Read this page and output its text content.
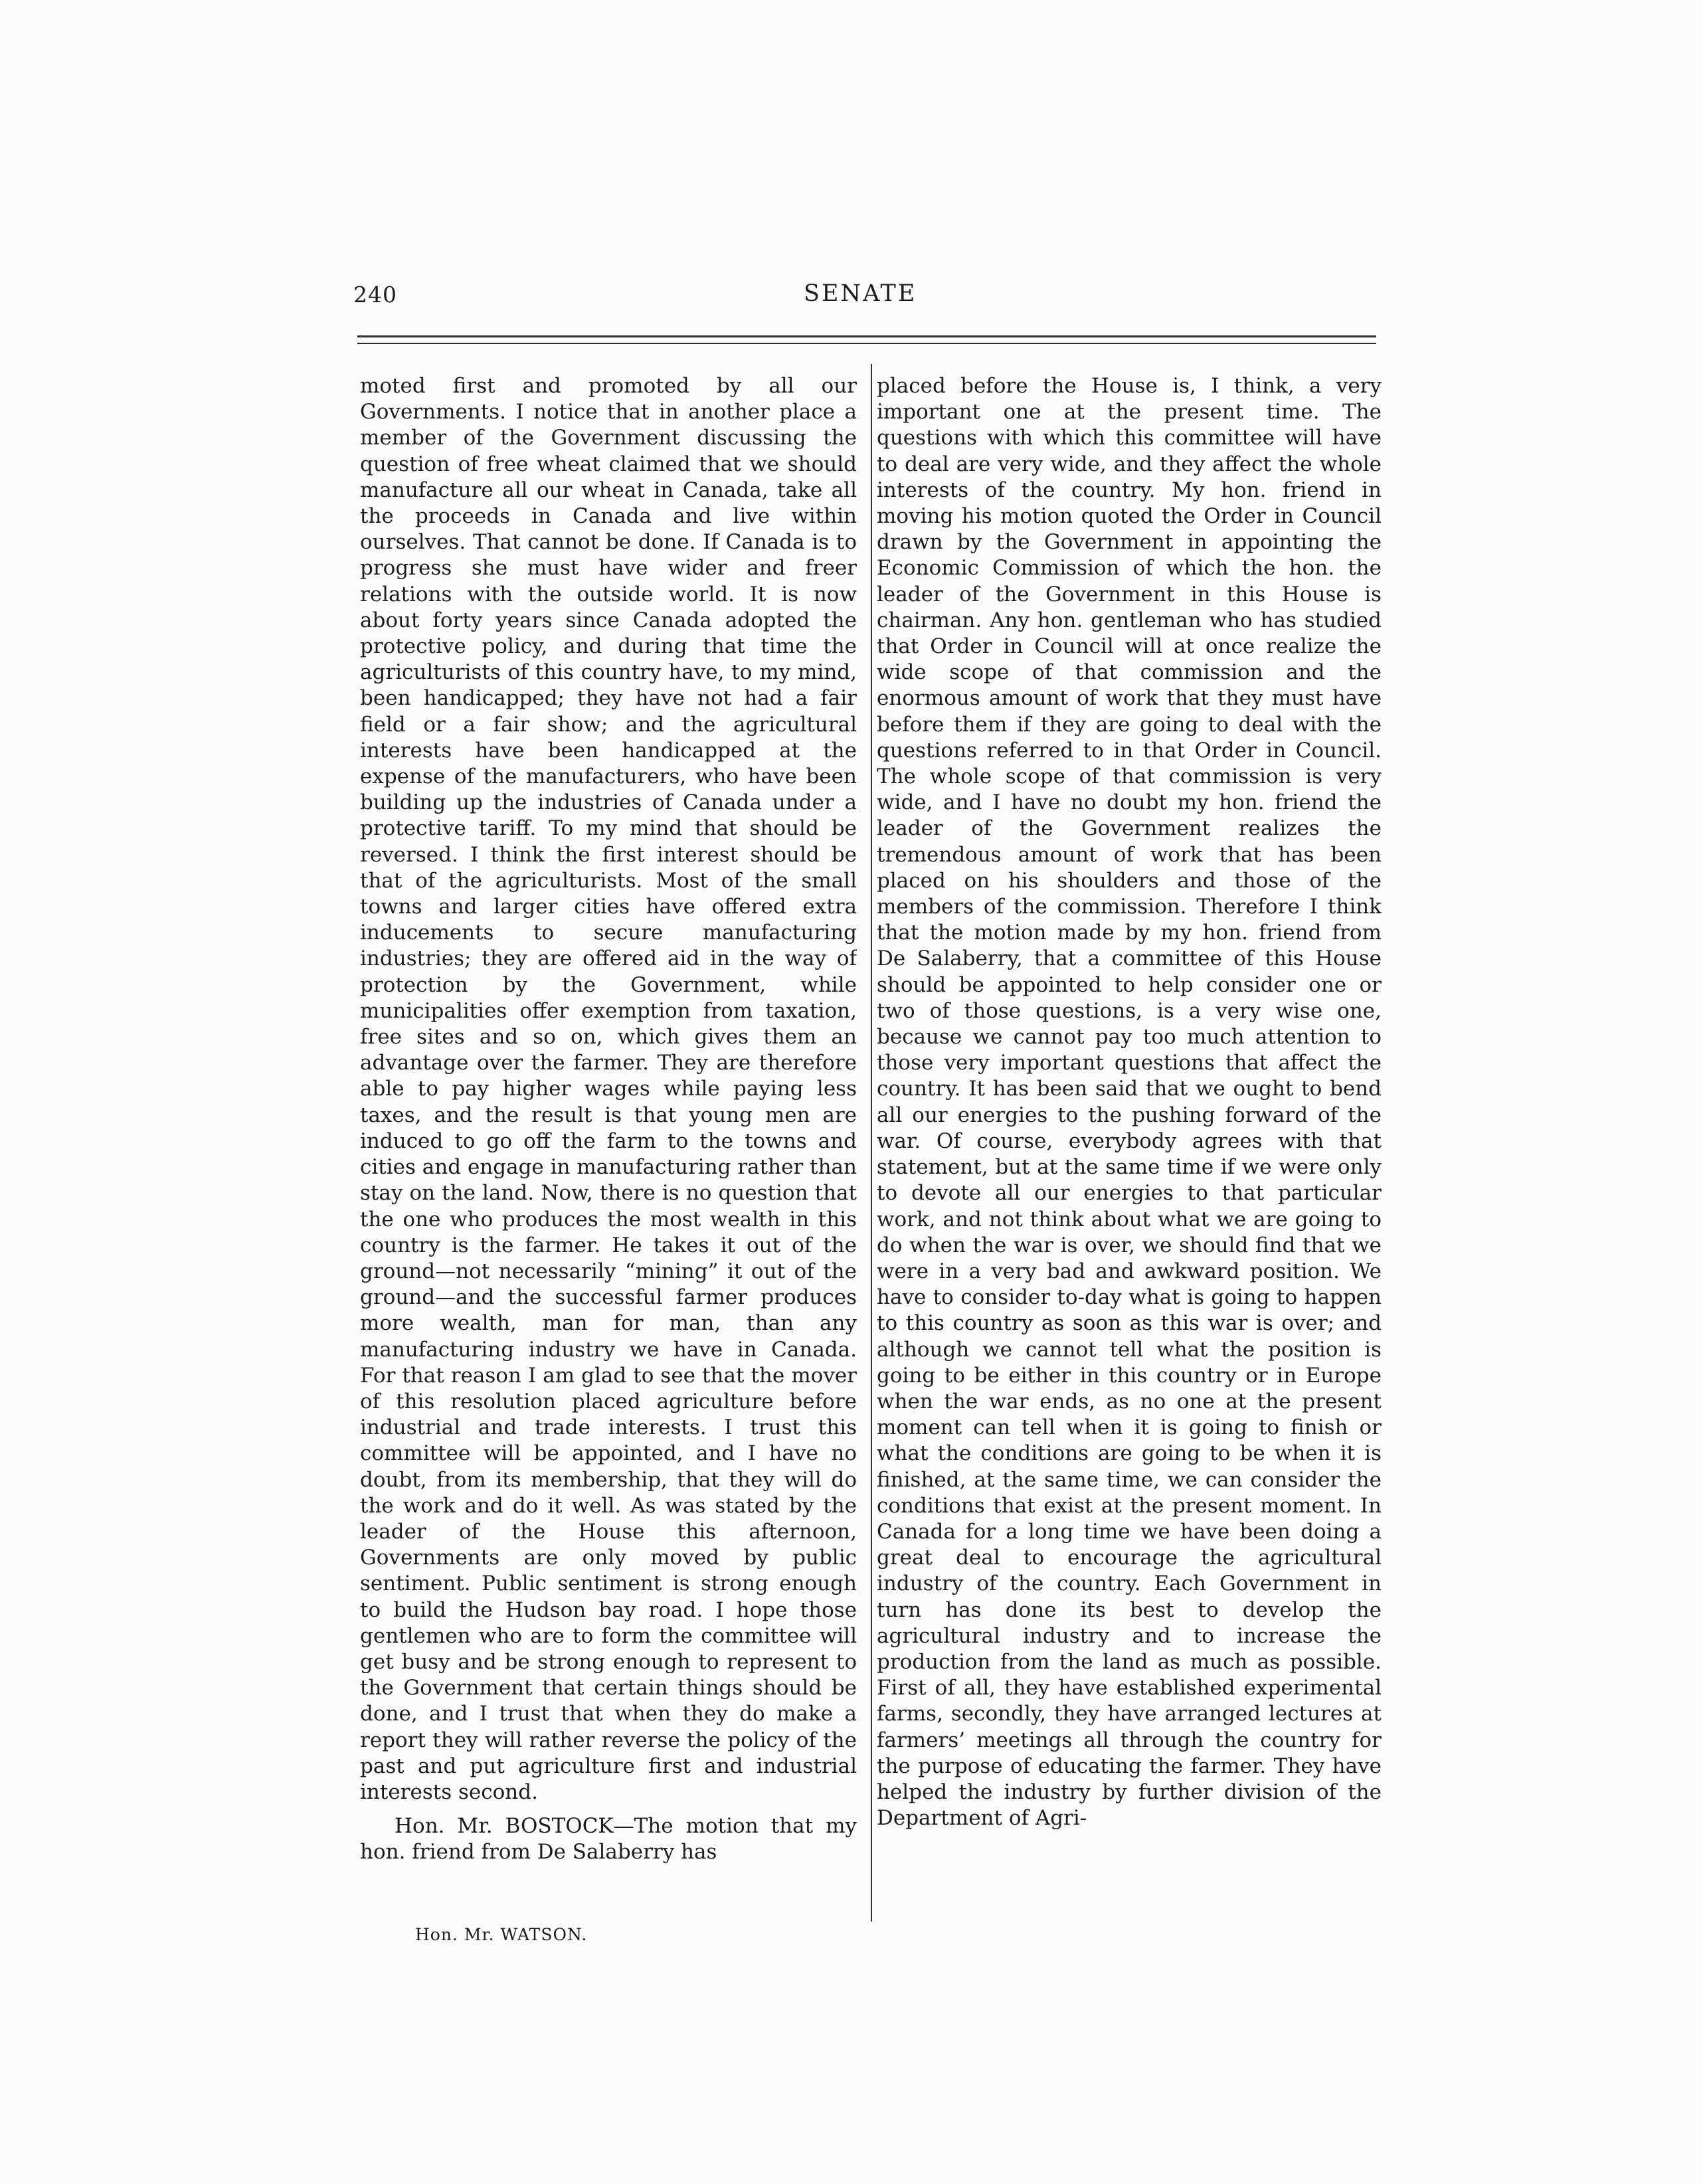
240	SENATE

moted first and promoted by all our Governments. I notice that in another place a member of the Government discussing the question of free wheat claimed that we should manufacture all our wheat in Canada, take all the proceeds in Canada and live within ourselves. That cannot be done. If Canada is to progress she must have wider and freer relations with the outside world. It is now about forty years since Canada adopted the protective policy, and during that time the agriculturists of this country have, to my mind, been handicapped; they have not had a fair field or a fair show; and the agricultural interests have been handicapped at the expense of the manufacturers, who have been building up the industries of Canada under a protective tariff. To my mind that should be reversed. I think the first interest should be that of the agriculturists. Most of the small towns and larger cities have offered extra inducements to secure manufacturing industries; they are offered aid in the way of protection by the Government, while municipalities offer exemption from taxation, free sites and so on, which gives them an advantage over the farmer. They are therefore able to pay higher wages while paying less taxes, and the result is that young men are induced to go off the farm to the towns and cities and engage in manufacturing rather than stay on the land. Now, there is no question that the one who produces the most wealth in this country is the farmer. He takes it out of the ground—not necessarily “mining” it out of the ground—and the successful farmer produces more wealth, man for man, than any manufacturing industry we have in Canada. For that reason I am glad to see that the mover of this resolution placed agriculture before industrial and trade interests. I trust this committee will be appointed, and I have no doubt, from its membership, that they will do the work and do it well. As was stated by the leader of the House this afternoon, Governments are only moved by public sentiment. Public sentiment is strong enough to build the Hudson bay road. I hope those gentlemen who are to form the committee will get busy and be strong enough to represent to the Government that certain things should be done, and I trust that when they do make a report they will rather reverse the policy of the past and put agriculture first and industrial interests second.

Hon. Mr. BOSTOCK—The motion that my hon. friend from De Salaberry has

placed before the House is, I think, a very important one at the present time. The questions with which this committee will have to deal are very wide, and they affect the whole interests of the country. My hon. friend in moving his motion quoted the Order in Council drawn by the Government in appointing the Economic Commission of which the hon. the leader of the Government in this House is chairman. Any hon. gentleman who has studied that Order in Council will at once realize the wide scope of that commission and the enormous amount of work that they must have before them if they are going to deal with the questions referred to in that Order in Council. The whole scope of that commission is very wide, and I have no doubt my hon. friend the leader of the Government realizes the tremendous amount of work that has been placed on his shoulders and those of the members of the commission. Therefore I think that the motion made by my hon. friend from De Salaberry, that a committee of this House should be appointed to help consider one or two of those questions, is a very wise one, because we cannot pay too much attention to those very important questions that affect the country. It has been said that we ought to bend all our energies to the pushing forward of the war. Of course, everybody agrees with that statement, but at the same time if we were only to devote all our energies to that particular work, and not think about what we are going to do when the war is over, we should find that we were in a very bad and awkward position. We have to consider to-day what is going to happen to this country as soon as this war is over; and although we cannot tell what the position is going to be either in this country or in Europe when the war ends, as no one at the present moment can tell when it is going to finish or what the conditions are going to be when it is finished, at the same time, we can consider the conditions that exist at the present moment. In Canada for a long time we have been doing a great deal to encourage the agricultural industry of the country. Each Government in turn has done its best to develop the agricultural industry and to increase the production from the land as much as possible. First of all, they have established experimental farms, secondly, they have arranged lectures at farmers’ meetings all through the country for the purpose of educating the farmer. They have helped the industry by further division of the Department of Agri-

Hon. Mr. WATSON.
